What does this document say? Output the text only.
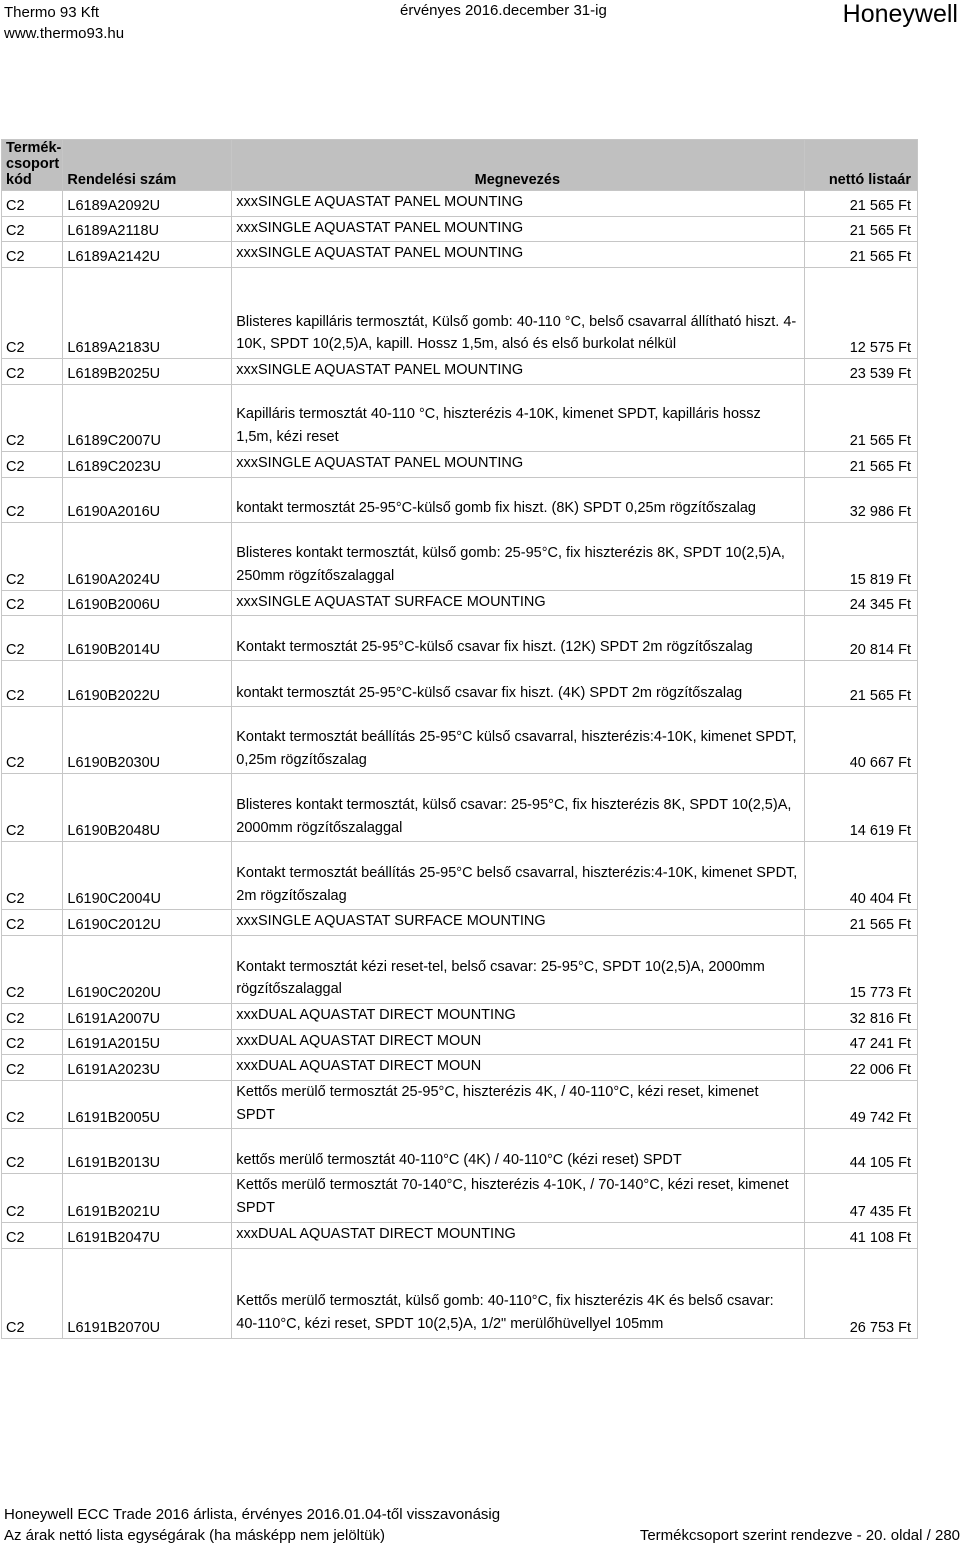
Thermo 93 Kft
www.thermo93.hu
érvényes 2016.december 31-ig	Honeywell
Termék-
csoport
kód	Rendelési szám	Megnevezés	nettó listaár
C2	L6189A2092U	xxxSINGLE AQUASTAT PANEL MOUNTING	21 565 Ft
C2	L6189A2118U	xxxSINGLE AQUASTAT PANEL MOUNTING	21 565 Ft
C2	L6189A2142U	xxxSINGLE AQUASTAT PANEL MOUNTING	21 565 Ft
C2	L6189A2183U	Blisteres kapilláris termosztát, Külső gomb: 40-110 °C, belső csavarral állítható hiszt. 4-10K, SPDT 10(2,5)A, kapill. Hossz 1,5m, alsó és első burkolat nélkül	12 575 Ft
C2	L6189B2025U	xxxSINGLE AQUASTAT PANEL MOUNTING	23 539 Ft
C2	L6189C2007U	Kapilláris termosztát 40-110 °C, hiszterézis 4-10K, kimenet SPDT, kapilláris hossz 1,5m, kézi reset	21 565 Ft
C2	L6189C2023U	xxxSINGLE AQUASTAT PANEL MOUNTING	21 565 Ft
C2	L6190A2016U	kontakt termosztát 25-95°C-külső gomb fix hiszt. (8K) SPDT 0,25m rögzítőszalag	32 986 Ft
C2	L6190A2024U	Blisteres kontakt termosztát, külső gomb: 25-95°C, fix hiszterézis 8K, SPDT 10(2,5)A, 250mm rögzítőszalaggal	15 819 Ft
C2	L6190B2006U	xxxSINGLE AQUASTAT SURFACE MOUNTING	24 345 Ft
C2	L6190B2014U	Kontakt termosztát 25-95°C-külső csavar fix hiszt. (12K) SPDT 2m rögzítőszalag	20 814 Ft
C2	L6190B2022U	kontakt termosztát 25-95°C-külső csavar fix hiszt. (4K) SPDT 2m rögzítőszalag	21 565 Ft
C2	L6190B2030U	Kontakt termosztát beállítás 25-95°C külső csavarral, hiszterézis:4-10K, kimenet SPDT, 0,25m rögzítőszalag	40 667 Ft
C2	L6190B2048U	Blisteres kontakt termosztát, külső csavar: 25-95°C, fix hiszterézis 8K, SPDT 10(2,5)A, 2000mm rögzítőszalaggal	14 619 Ft
C2	L6190C2004U	Kontakt termosztát beállítás 25-95°C belső csavarral, hiszterézis:4-10K, kimenet SPDT, 2m rögzítőszalag	40 404 Ft
C2	L6190C2012U	xxxSINGLE AQUASTAT SURFACE MOUNTING	21 565 Ft
C2	L6190C2020U	Kontakt termosztát kézi reset-tel, belső csavar: 25-95°C, SPDT 10(2,5)A, 2000mm rögzítőszalaggal	15 773 Ft
C2	L6191A2007U	xxxDUAL AQUASTAT DIRECT MOUNTING	32 816 Ft
C2	L6191A2015U	xxxDUAL AQUASTAT DIRECT MOUN	47 241 Ft
C2	L6191A2023U	xxxDUAL AQUASTAT DIRECT MOUN	22 006 Ft
C2	L6191B2005U	Kettős merülő termosztát 25-95°C, hiszterézis 4K, / 40-110°C, kézi reset, kimenet SPDT	49 742 Ft
C2	L6191B2013U	kettős merülő termosztát 40-110°C (4K) / 40-110°C (kézi reset) SPDT	44 105 Ft
C2	L6191B2021U	Kettős merülő termosztát 70-140°C, hiszterézis 4-10K, / 70-140°C, kézi reset, kimenet SPDT	47 435 Ft
C2	L6191B2047U	xxxDUAL AQUASTAT DIRECT MOUNTING	41 108 Ft
C2	L6191B2070U	Kettős merülő termosztát, külső gomb: 40-110°C, fix hiszterézis 4K és belső csavar: 40-110°C, kézi reset, SPDT 10(2,5)A, 1/2" merülőhüvellyel 105mm	26 753 Ft
Honeywell ECC Trade 2016 árlista, érvényes 2016.01.04-től visszavonásig
Az árak nettó lista egységárak (ha másképp nem jelöltük)	Termékcsoport szerint rendezve - 20. oldal / 280
